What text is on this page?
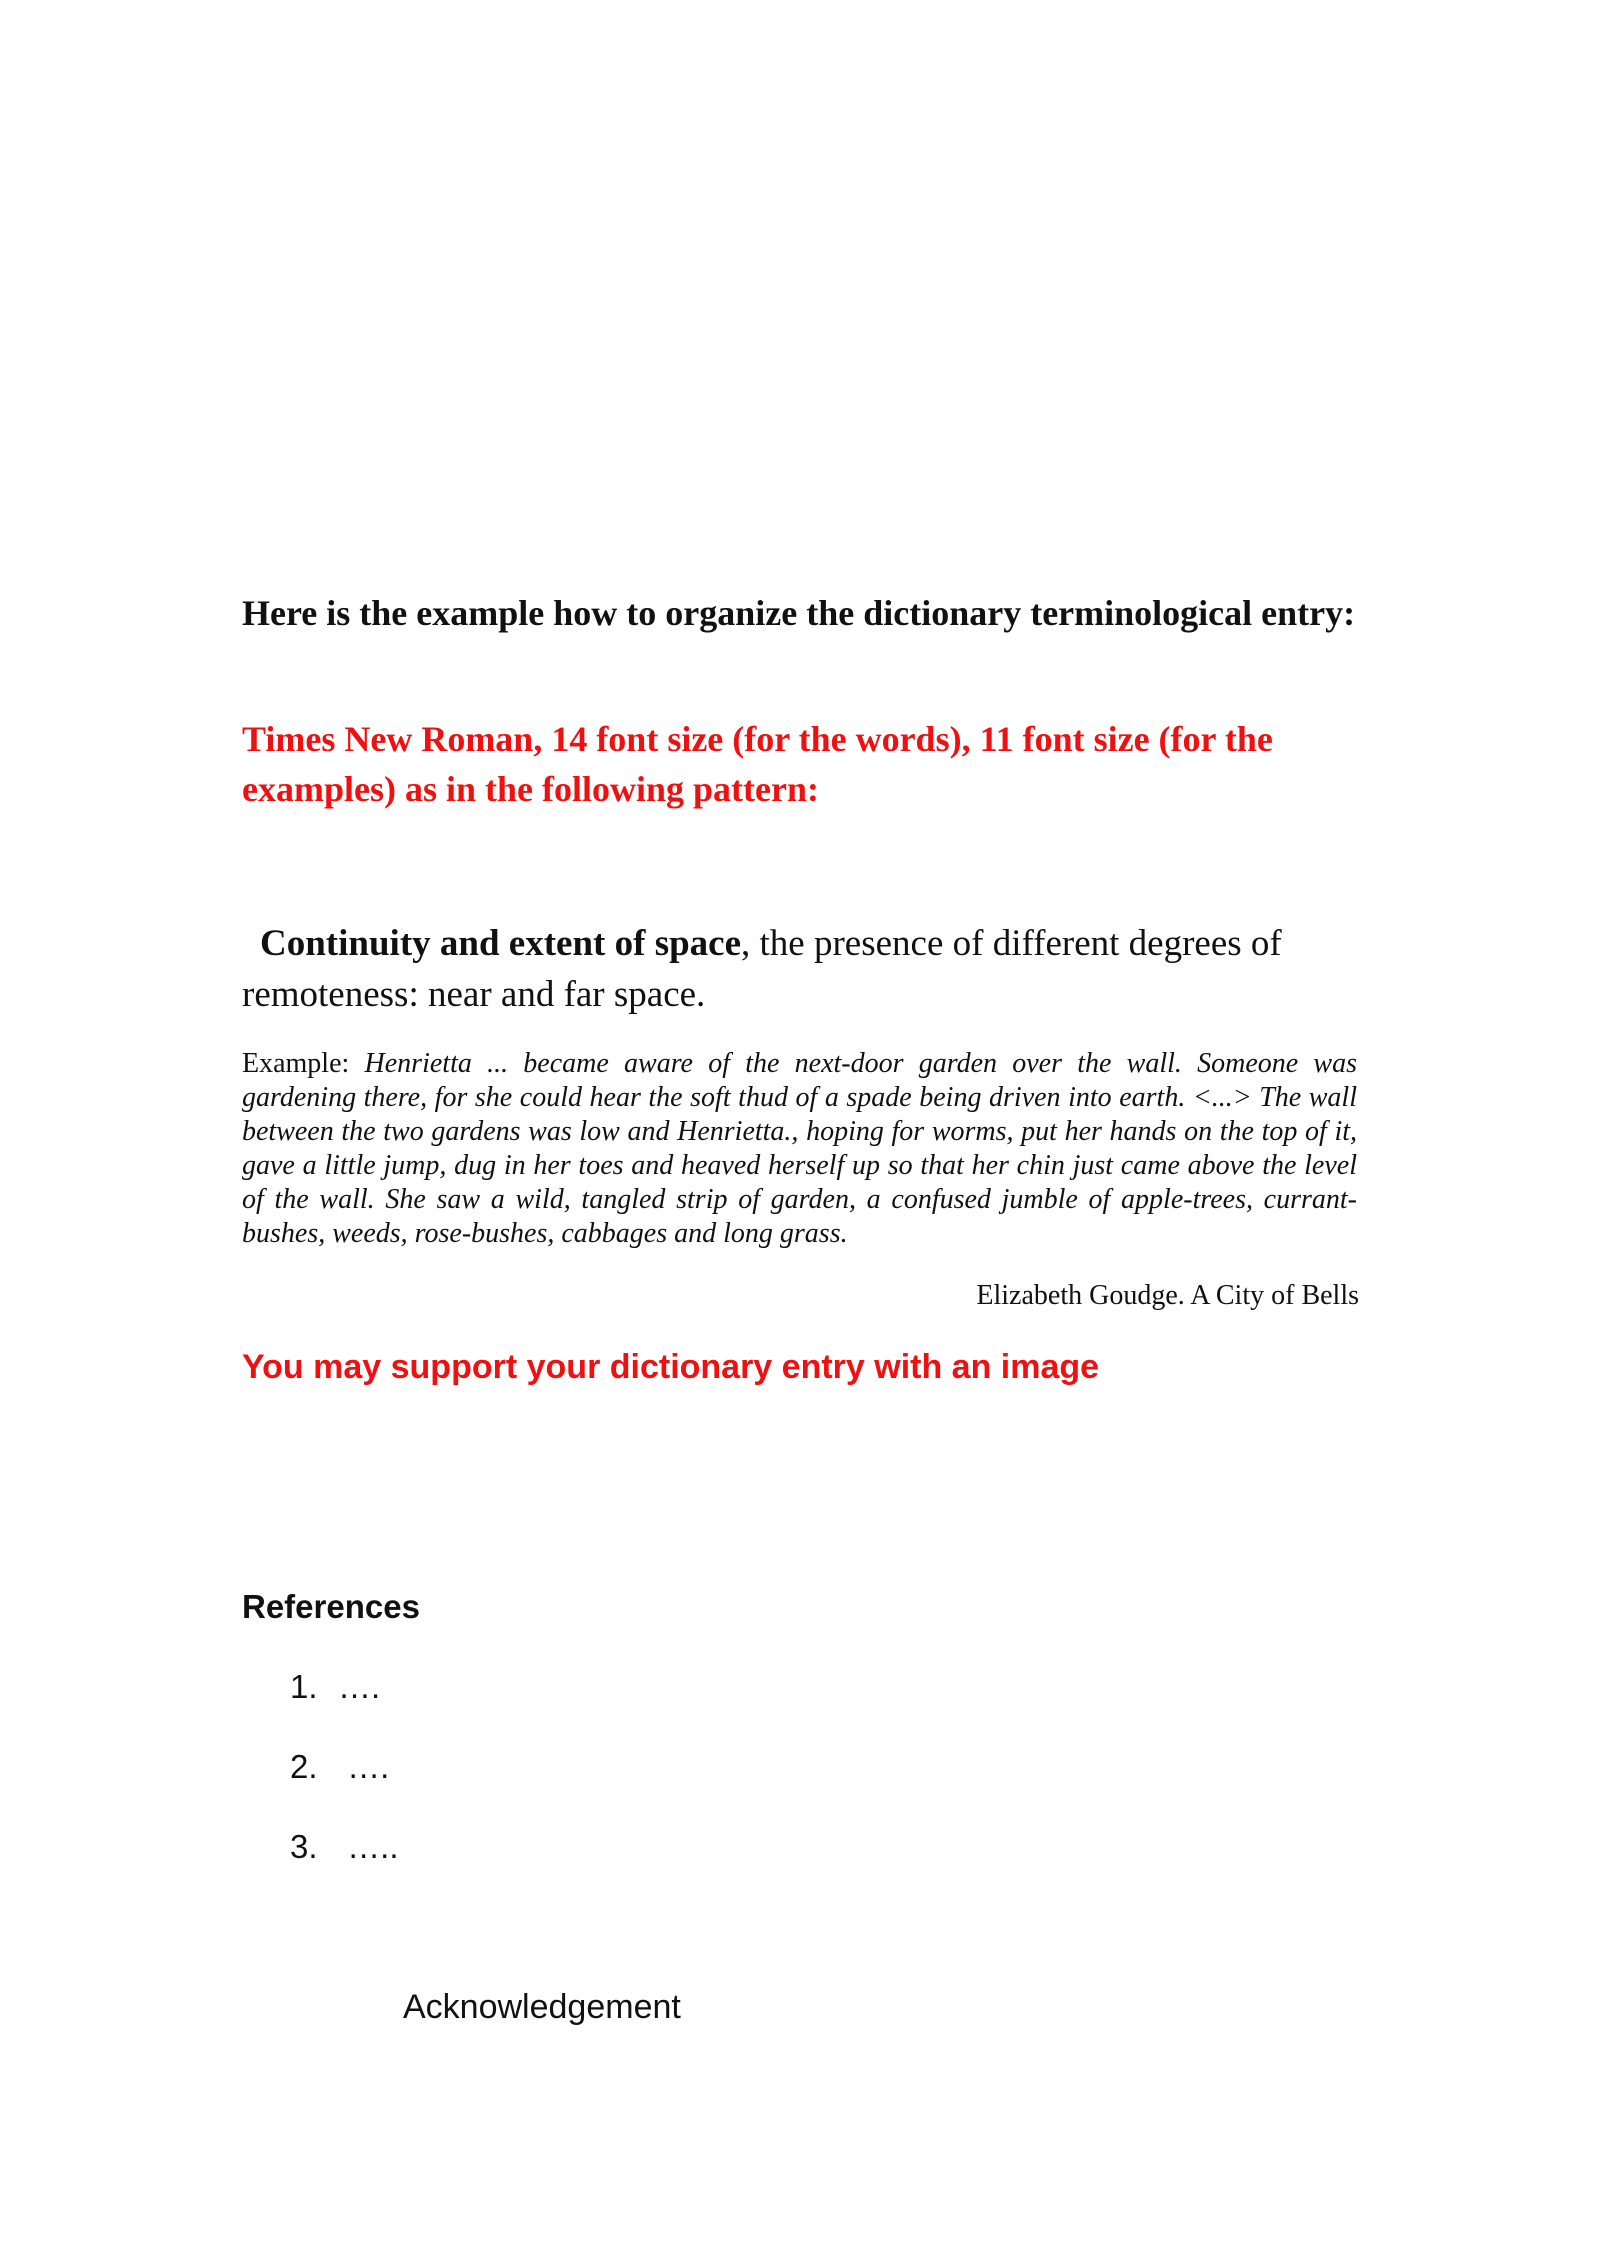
Here is the example how to organize the dictionary terminological entry:
Times New Roman, 14 font size (for the words), 11 font size (for the examples) as in the following pattern:
Continuity and extent of space, the presence of different degrees of remoteness: near and far space.
Example: Henrietta ... became aware of the next-door garden over the wall. Someone was gardening there, for she could hear the soft thud of a spade being driven into earth. <...> The wall between the two gardens was low and Henrietta., hoping for worms, put her hands on the top of it, gave a little jump, dug in her toes and heaved herself up so that her chin just came above the level of the wall. She saw a wild, tangled strip of garden, a confused jumble of apple-trees, currant-bushes, weeds, rose-bushes, cabbages and long grass.
Elizabeth Goudge. A City of Bells
You may support your dictionary entry with an image
References
1. ….
2. ….
3. …..
Acknowledgement
